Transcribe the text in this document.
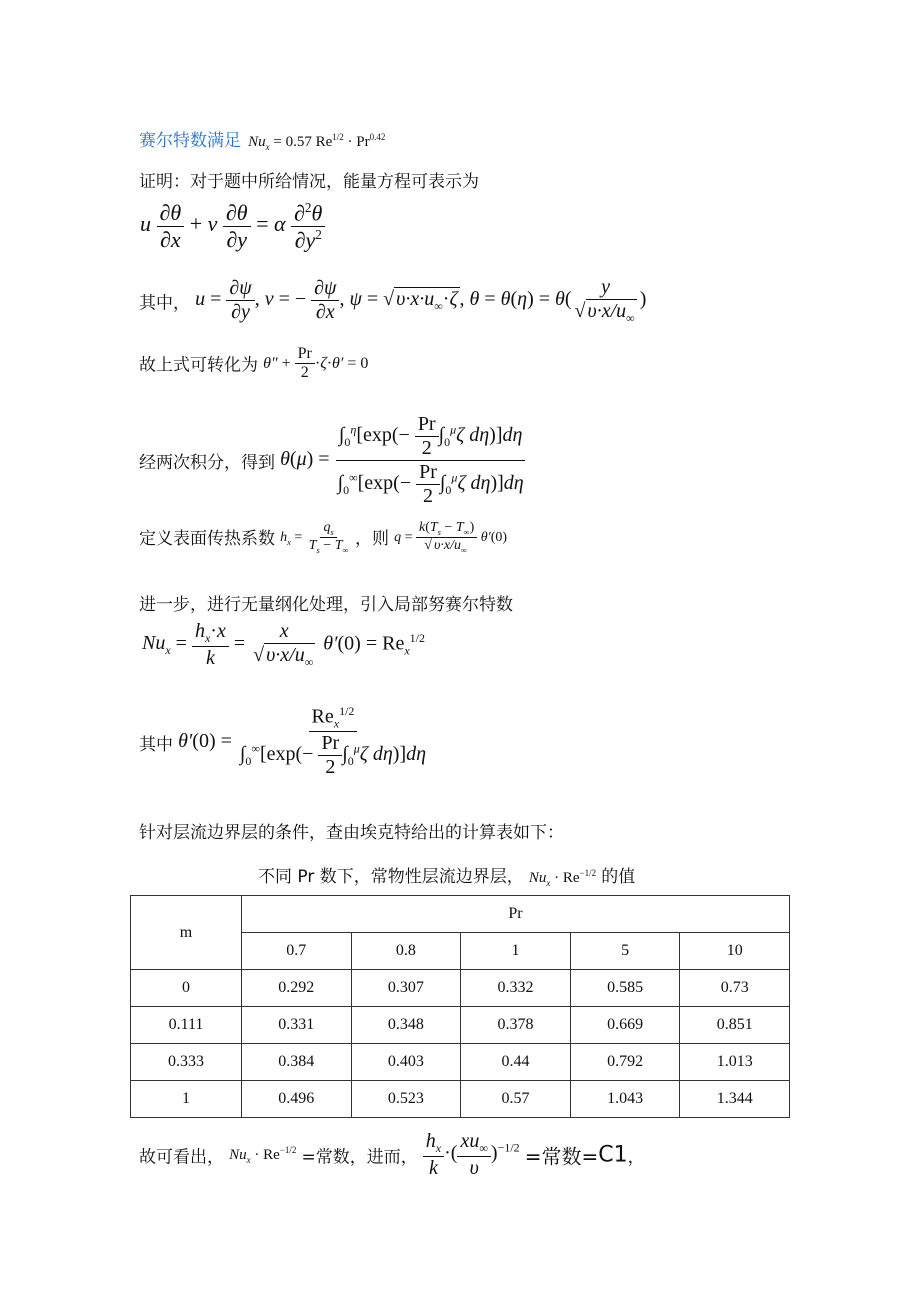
赛尔特数满足 $Nu_x = 0.57$ $Re^{1/2} \cdot Pr^{0.42}$
证明：对于题中所给情况，能量方程可表示为
u $\frac{\partial\theta}{\partial x} + v \frac{\partial\theta}{\partial y} = \alpha \frac{\partial^2\theta}{\partial y^2}$
其中， $u = \frac{\partial\psi}{\partial y}$ , v = − $\frac{\partial\psi}{\partial x}$ , ψ = √ $\upsilon\cdot x\cdot u_\infty\cdot\zeta$ , $\theta = \theta(\eta) = \theta( \frac{y}{√ \upsilon\cdot x/u_\infty}$ )
故上式可转化为 $\theta'' + \frac{Pr}{2} \cdot\zeta\cdot\theta' = 0$
经两次积分，得到 $\theta(\mu) = \frac{\int_0^\eta[\exp(- \frac{Pr}{2} \int_0^\mu\zeta d\eta)]d\eta}{\int_0^\infty[\exp(- \frac{Pr}{2} \int_0^\mu\zeta d\eta)]d\eta}$
定义表面传热系数 $h_x = \frac{q_s}{T_s - T_\infty}$ ，则 $q = \frac{k(T_s - T_\infty)}{√ \upsilon\cdot x/u_\infty} \theta'(0)$
进一步，进行无量纲化处理，引入局部努赛尔特数
$Nu_x = \frac{h_x\cdot x}{k} = \frac{x}{√ \upsilon\cdot x/u_\infty} \theta'(0) = Re_x^{1/2}$
其中 $\theta'(0) = \frac{Re_x^{1/2}}{\int_0^\infty[\exp(- \frac{Pr}{2} \int_0^\mu\zeta d\eta)]d\eta}$
针对层流边界层的条件，查由埃克特给出的计算表如下：
不同 Pr 数下，常物性层流边界层， $Nu_x \cdot Re^{-1/2}$ 的值
m	Pr				
	0.7	0.8	1	5	10
0	0.292	0.307	0.332	0.585	0.73
0.111	0.331	0.348	0.378	0.669	0.851
0.333	0.384	0.403	0.44	0.792	1.013
1	0.496	0.523	0.57	1.043	1.344
故可看出， $Nu_x \cdot Re^{-1/2}$ =常数，进而， $\frac{h_x}{k}$ ·( $\frac{xu_\infty}{\upsilon} )^{-1/2}$ =常数=C1，
